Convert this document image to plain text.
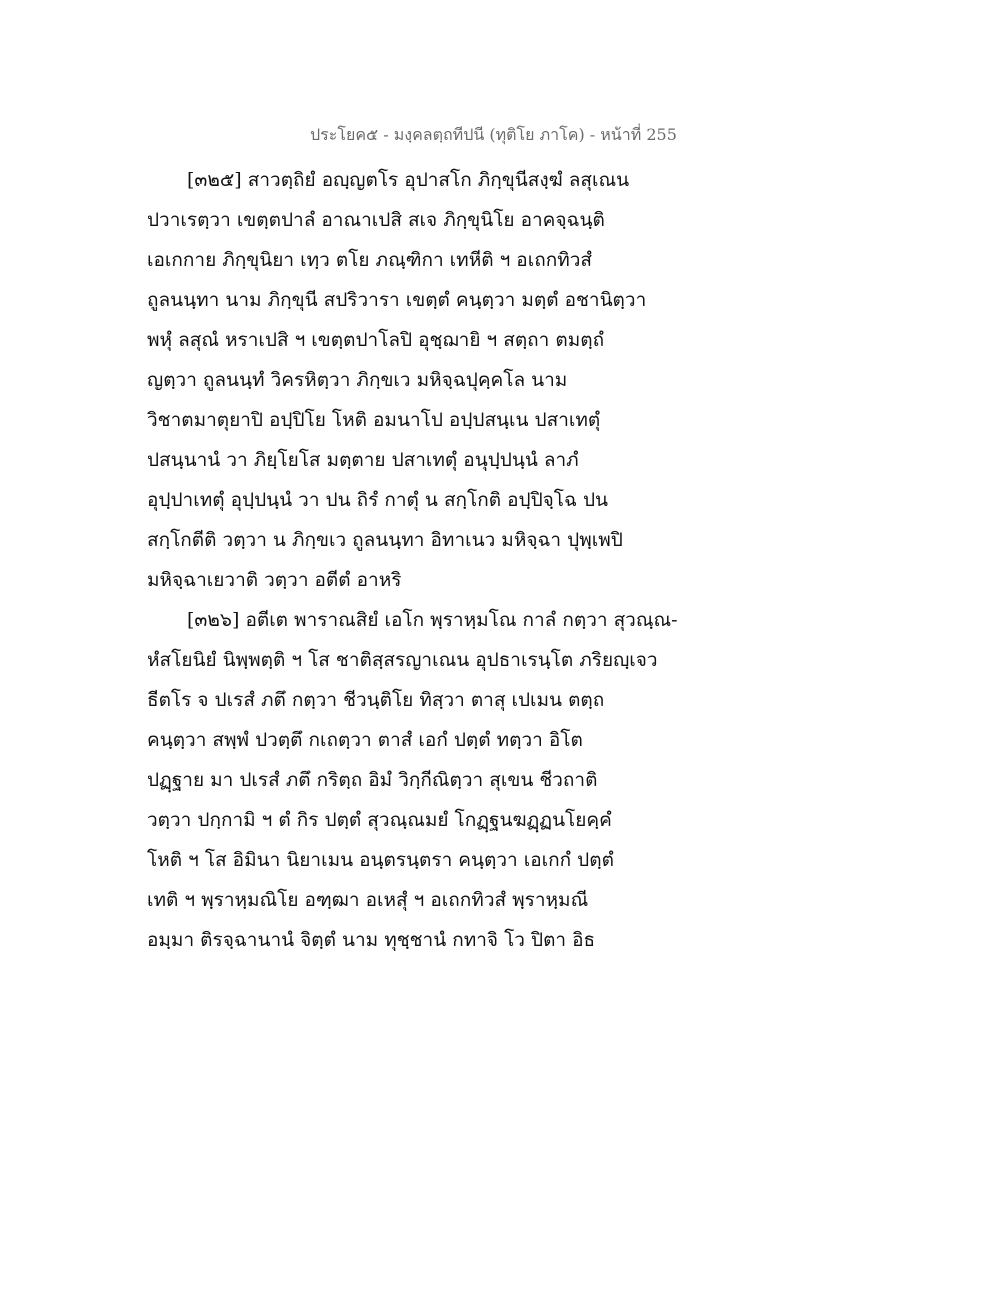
ประโยค๕ - มงฺคลตฺถทีปนี (ทุติโย ภาโค) - หน้าที่ 255
[๓๒๕] สาวตฺถิยํ อญฺญตโร อุปาสโก ภิกฺขุนีสงฺฆํ ลสุเณน
ปวาเรตฺวา เขตฺตปาลํ อาณาเปสิ สเจ ภิกฺขุนิโย อาคจฺฉนฺติ
เอเกกาย ภิกฺขุนิยา เทฺว ตโย ภณฺฑิกา เทหีติ ฯ อเถกทิวสํ
ถูลนนฺทา นาม ภิกฺขุนี สปริวารา เขตฺตํ คนฺตฺวา มตฺตํ อชานิตฺวา
พหุํ ลสุณํ หราเปสิ ฯ เขตฺตปาโลปิ อุชฺฌายิ ฯ สตฺถา ตมตฺถํ
ญตฺวา ถูลนนฺทํ วิครหิตฺวา ภิกฺขเว มหิจฺฉปุคฺคโล นาม
วิชาตมาตุยาปิ อปฺปิโย โหติ อมนาโป อปฺปสนฺเน ปสาเทตุํ
ปสนฺนานํ วา ภิยฺโยโส มตฺตาย ปสาเทตุํ อนุปฺปนฺนํ ลาภํ
อุปฺปาเทตุํ อุปฺปนฺนํ วา ปน ถิรํ กาตุํ น สกฺโกติ อปฺปิจฺโฉ ปน
สกฺโกตีติ วตฺวา น ภิกฺขเว ถูลนนฺทา อิทาเนว มหิจฺฉา ปุพฺเพปิ
มหิจฺฉาเยวาติ วตฺวา อตีตํ อาหริ
[๓๒๖] อตีเต พาราณสิยํ เอโก พฺราหฺมโณ กาลํ กตฺวา สุวณฺณ-
หํสโยนิยํ นิพฺพตฺติ ฯ โส ชาติสฺสรญาเณน อุปธาเรนฺโต ภริยญฺเจว
ธีตโร จ ปเรสํ ภตึ กตฺวา ชีวนฺติโย ทิสฺวา ตาสุ เปเมน ตตฺถ
คนฺตฺวา สพฺพํ ปวตฺตึ กเถตฺวา ตาสํ เอกํ ปตฺตํ ทตฺวา อิโต
ปฏฺฐาย มา ปเรสํ ภตึ กริตฺถ อิมํ วิกฺกีณิตฺวา สุเขน ชีวถาติ
วตฺวา ปกฺกามิ ฯ ตํ กิร ปตฺตํ สุวณฺณมยํ โกฏฺฐนฆฏฺฏนโยคฺคํ
โหติ ฯ โส อิมินา นิยาเมน อนฺตรนฺตรา คนฺตฺวา เอเกกํ ปตฺตํ
เทติ ฯ พฺราหฺมณิโย อฑฺฒา อเหสุํ ฯ อเถกทิวสํ พฺราหฺมณี
อมฺมา ติรจฺฉานานํ จิตฺตํ นาม ทุชฺชานํ กทาจิ โว ปิตา อิธ
